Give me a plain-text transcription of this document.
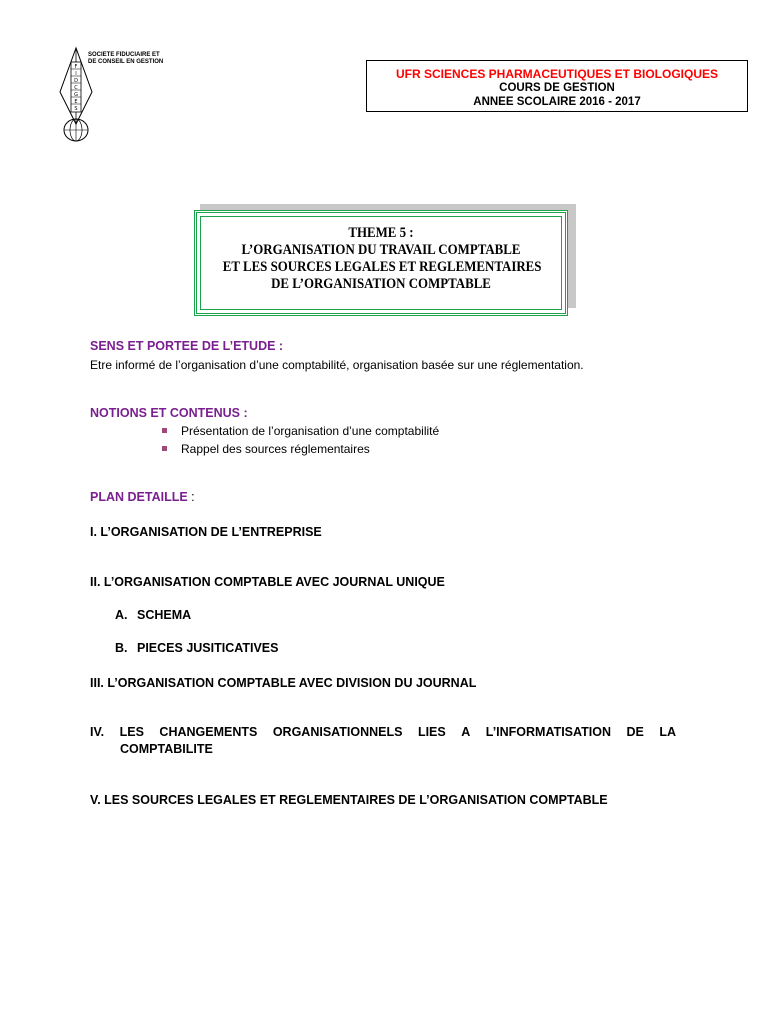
F
I
D
C
G
E
S
SOCIETE FIDUCIAIRE ET
DE CONSEIL EN GESTION
UFR SCIENCES PHARMACEUTIQUES ET BIOLOGIQUES
COURS DE GESTION
ANNEE SCOLAIRE 2016 - 2017
THEME 5 :
L’ORGANISATION DU TRAVAIL COMPTABLE
ET LES SOURCES LEGALES ET REGLEMENTAIRES
DE L’ORGANISATION COMPTABLE
SENS ET PORTEE DE L’ETUDE :
Etre informé de l’organisation d’une comptabilité, organisation basée sur une réglementation.
NOTIONS ET CONTENUS :
Présentation de l’organisation d’une comptabilité
Rappel des sources réglementaires
PLAN DETAILLE :
I. L’ORGANISATION DE L’ENTREPRISE
II. L’ORGANISATION COMPTABLE AVEC JOURNAL UNIQUE
A. SCHEMA
B. PIECES JUSITICATIVES
III. L’ORGANISATION COMPTABLE AVEC DIVISION DU JOURNAL
IV. LES CHANGEMENTS ORGANISATIONNELS LIES A L’INFORMATISATION DE LA
COMPTABILITE
V. LES SOURCES LEGALES ET REGLEMENTAIRES DE L’ORGANISATION COMPTABLE
